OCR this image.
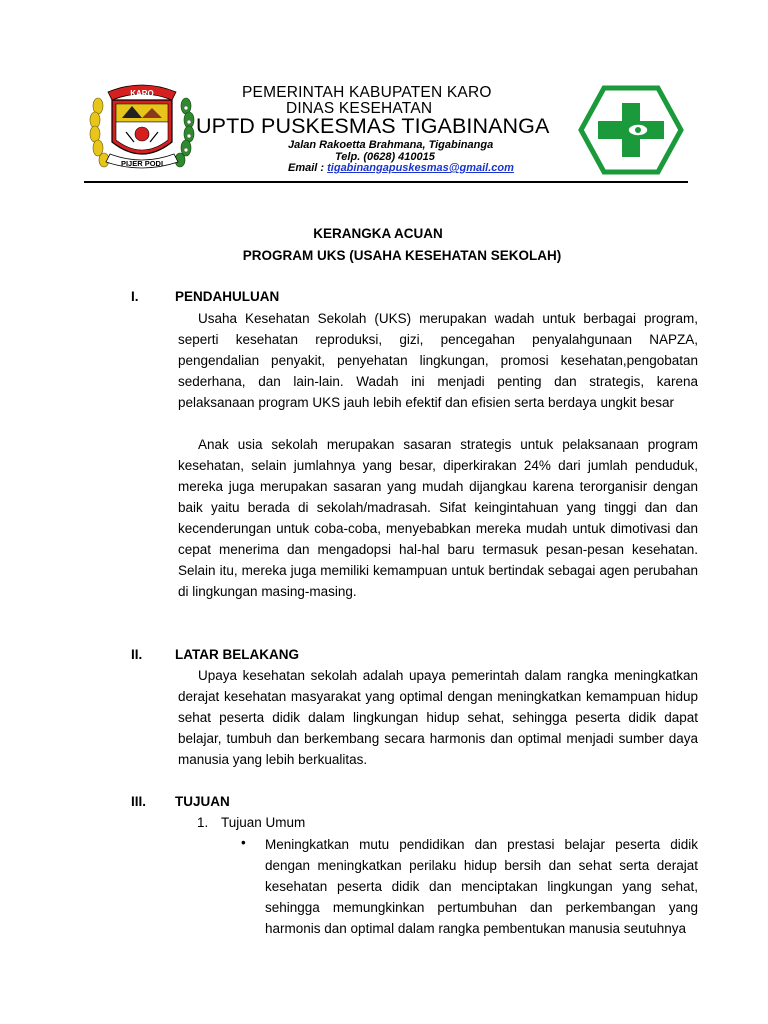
KARO
PIJER PODI
PEMERINTAH KABUPATEN KARO
DINAS KESEHATAN
UPTD PUSKESMAS TIGABINANGA
Jalan Rakoetta Brahmana, Tigabinanga
Telp. (0628) 410015
Email : tigabinangapuskesmas@gmail.com
KERANGKA ACUAN
PROGRAM UKS (USAHA KESEHATAN SEKOLAH)
I.	PENDAHULUAN
Usaha Kesehatan Sekolah (UKS) merupakan wadah untuk berbagai program, seperti kesehatan reproduksi, gizi, pencegahan penyalahgunaan NAPZA, pengendalian penyakit, penyehatan lingkungan, promosi kesehatan,pengobatan sederhana, dan lain-lain. Wadah ini menjadi penting dan strategis, karena pelaksanaan program UKS jauh lebih efektif dan efisien serta berdaya ungkit besar
Anak usia sekolah merupakan sasaran strategis untuk pelaksanaan program kesehatan, selain jumlahnya yang besar, diperkirakan 24% dari jumlah penduduk, mereka juga merupakan sasaran yang mudah dijangkau karena terorganisir dengan baik yaitu berada di sekolah/madrasah. Sifat keingintahuan yang tinggi dan dan kecenderungan untuk coba-coba, menyebabkan mereka mudah untuk dimotivasi dan cepat menerima dan mengadopsi hal-hal baru termasuk pesan-pesan kesehatan. Selain itu, mereka juga memiliki kemampuan untuk bertindak sebagai agen perubahan di lingkungan masing-masing.
II. LATAR BELAKANG
Upaya kesehatan sekolah adalah upaya pemerintah dalam rangka meningkatkan derajat kesehatan masyarakat yang optimal dengan meningkatkan kemampuan hidup sehat peserta didik dalam lingkungan hidup sehat, sehingga peserta didik dapat belajar, tumbuh dan berkembang secara harmonis dan optimal menjadi sumber daya manusia yang lebih berkualitas.
III. TUJUAN
1. Tujuan Umum
• Meningkatkan mutu pendidikan dan prestasi belajar peserta didik dengan meningkatkan perilaku hidup bersih dan sehat serta derajat kesehatan peserta didik dan menciptakan lingkungan yang sehat, sehingga memungkinkan pertumbuhan dan perkembangan yang harmonis dan optimal dalam rangka pembentukan manusia seutuhnya
